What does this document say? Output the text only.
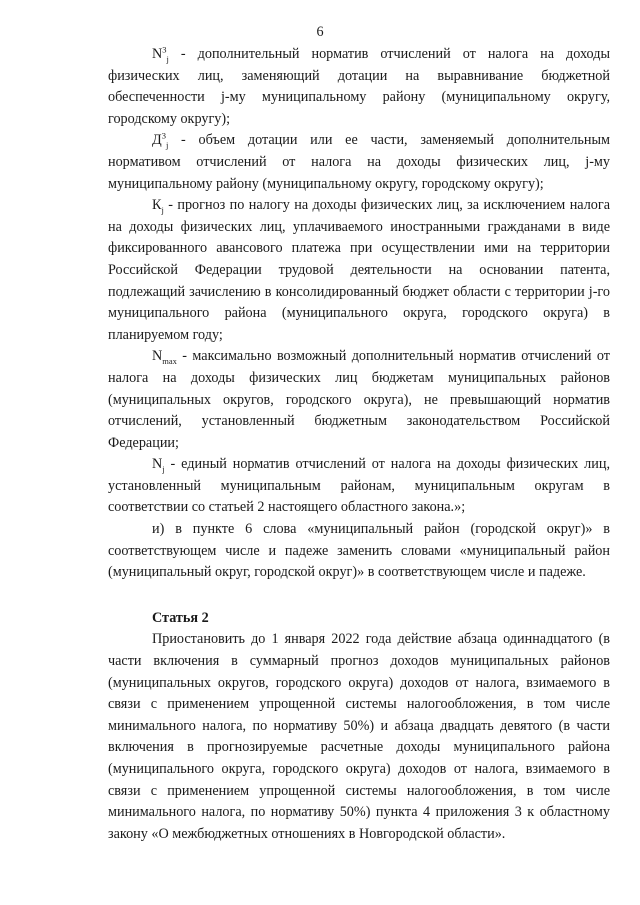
6

$N^3_j$ - дополнительный норматив отчислений от налога на доходы физических лиц, заменяющий дотации на выравнивание бюджетной обеспеченности j-му муниципальному району (муниципальному округу, городскому округу);

$Д^3_j$ - объем дотации или ее части, заменяемый дополнительным нормативом отчислений от налога на доходы физических лиц, j-му муниципальному району (муниципальному округу, городскому округу);

$К_j$ - прогноз по налогу на доходы физических лиц, за исключением налога на доходы физических лиц, уплачиваемого иностранными гражданами в виде фиксированного авансового платежа при осуществлении ими на территории Российской Федерации трудовой деятельности на основании патента, подлежащий зачислению в консолидированный бюджет области с территории j-го муниципального района (муниципального округа, городского округа) в планируемом году;

$N_{max}$ - максимально возможный дополнительный норматив отчислений от налога на доходы физических лиц бюджетам муниципальных районов (муниципальных округов, городского округа), не превышающий норматив отчислений, установленный бюджетным законодательством Российской Федерации;

$N_j$ - единый норматив отчислений от налога на доходы физических лиц, установленный муниципальным районам, муниципальным округам в соответствии со статьей 2 настоящего областного закона.»;

и) в пункте 6 слова «муниципальный район (городской округ)» в соответствующем числе и падеже заменить словами «муниципальный район (муниципальный округ, городской округ)» в соответствующем числе и падеже.

Статья 2

Приостановить до 1 января 2022 года действие абзаца одиннадцатого (в части включения в суммарный прогноз доходов муниципальных районов (муниципальных округов, городского округа) доходов от налога, взимаемого в связи с применением упрощенной системы налогообложения, в том числе минимального налога, по нормативу 50%) и абзаца двадцать девятого (в части включения в прогнозируемые расчетные доходы муниципального района (муниципального округа, городского округа) доходов от налога, взимаемого в связи с применением упрощенной системы налогообложения, в том числе минимального налога, по нормативу 50%) пункта 4 приложения 3 к областному закону «О межбюджетных отношениях в Новгородской области».
